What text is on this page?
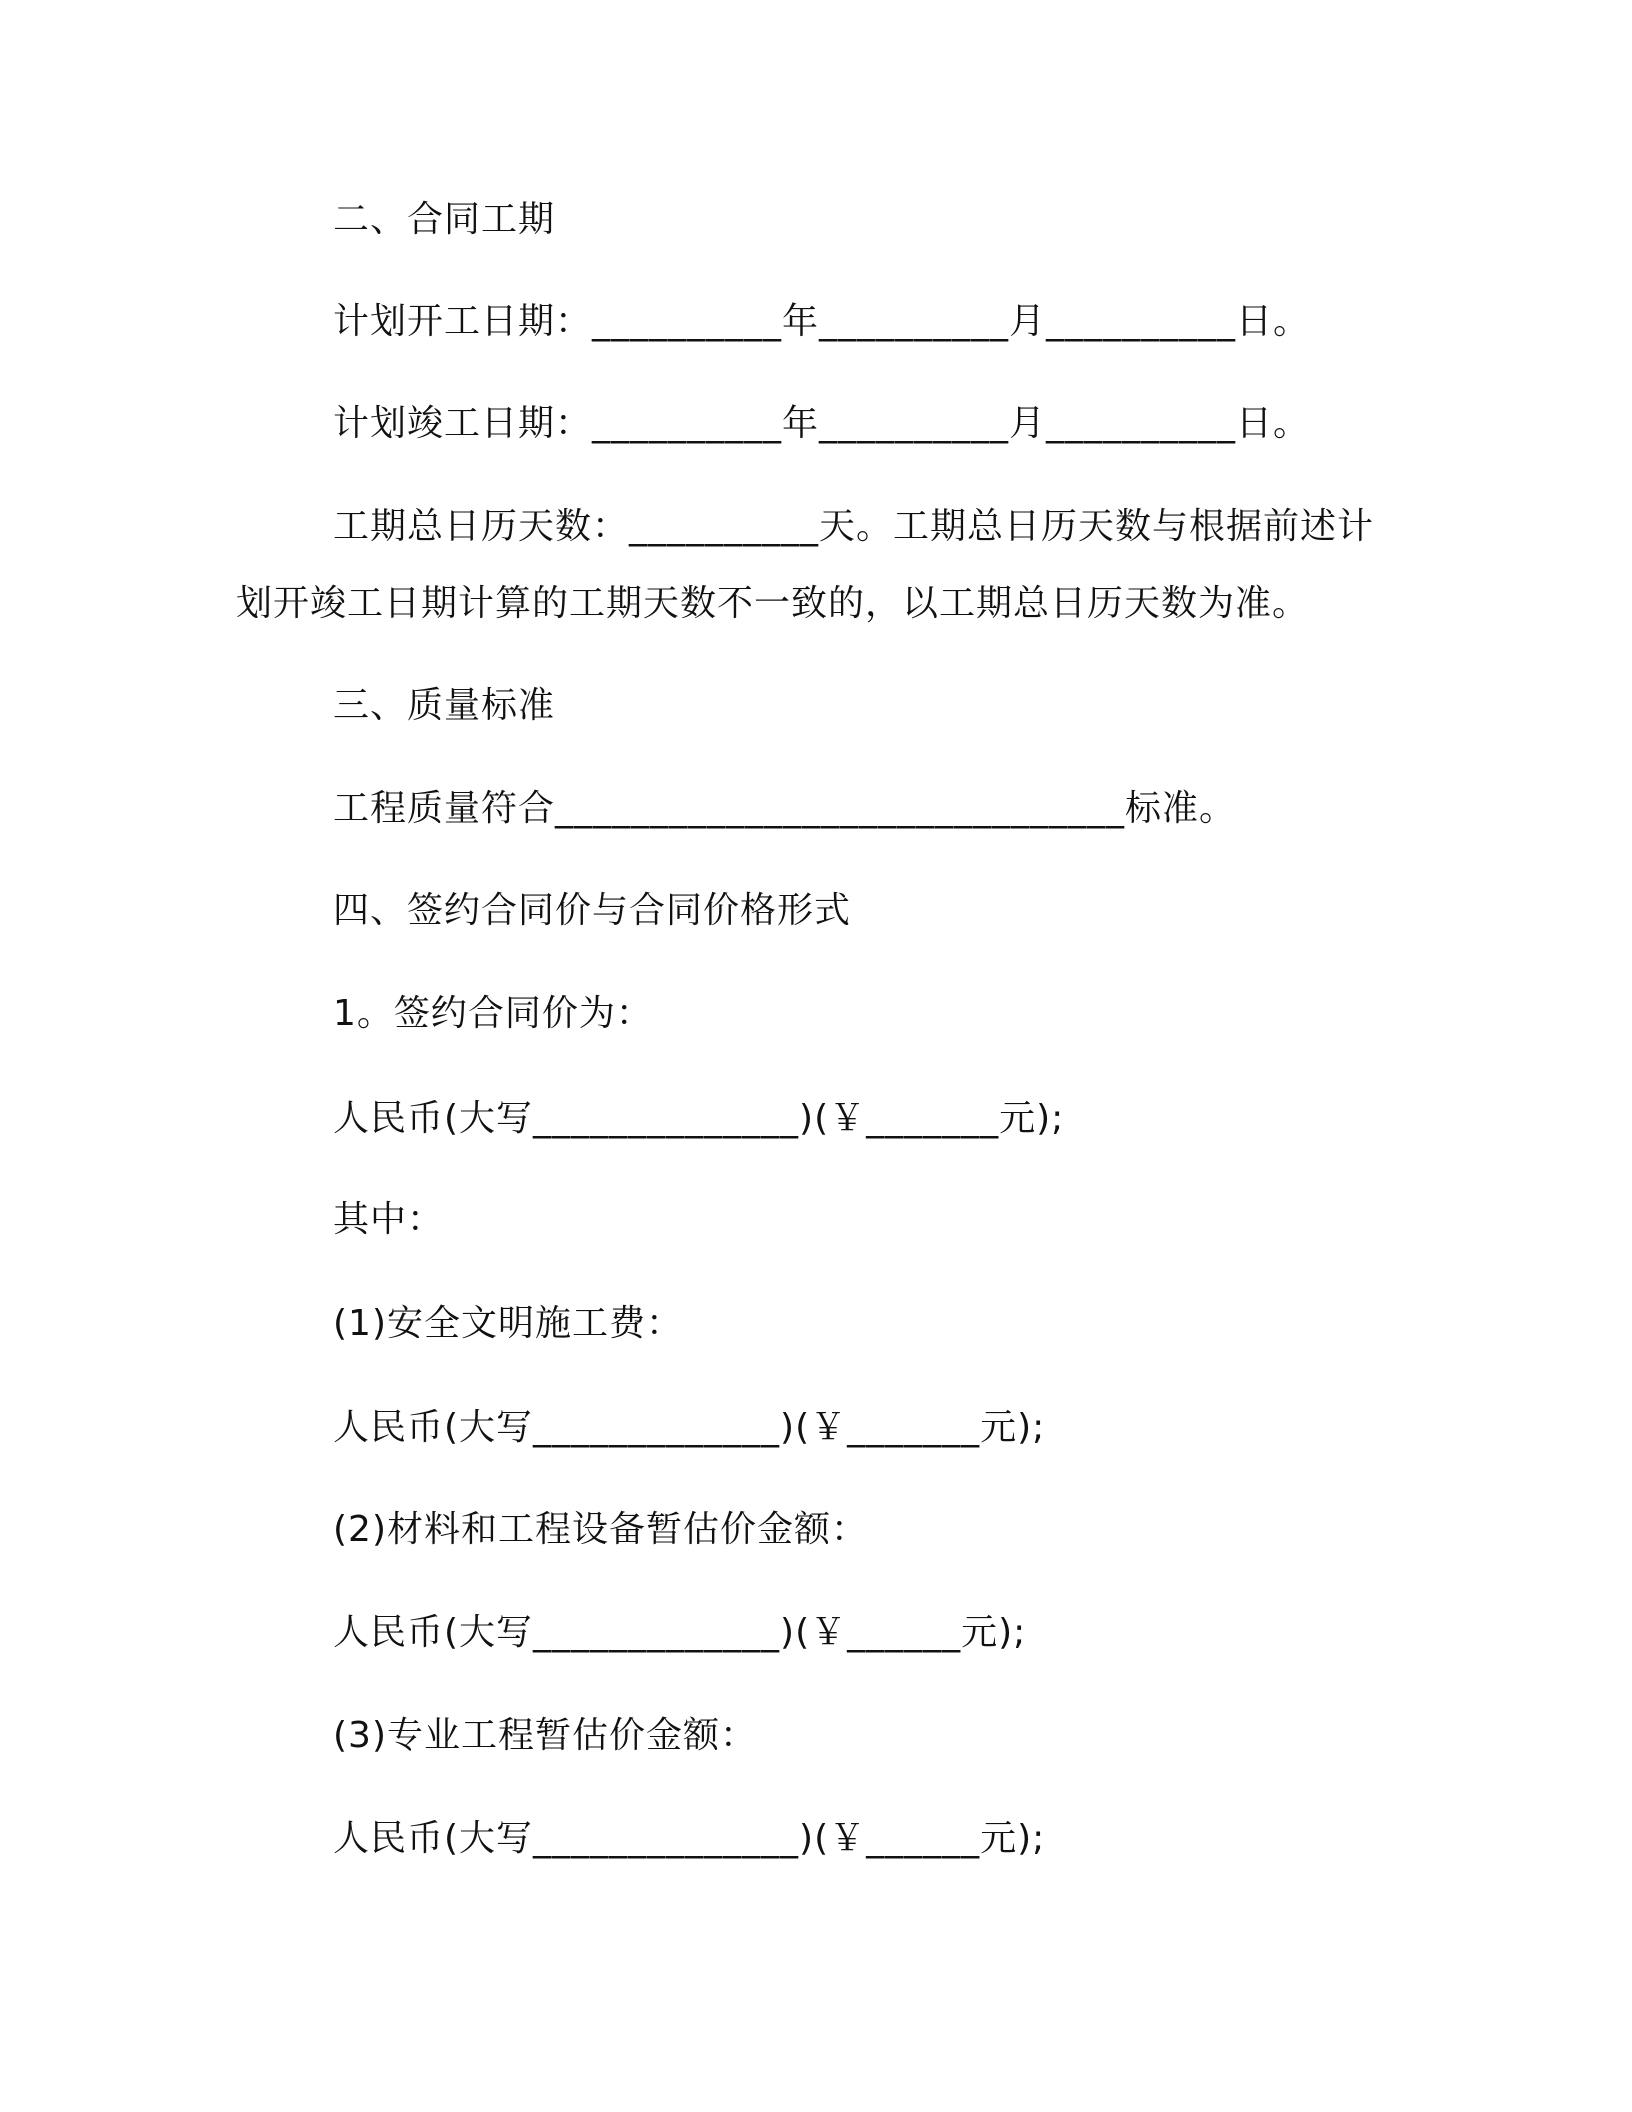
二、合同工期
计划开工日期：__________年__________月__________日。
计划竣工日期：__________年__________月__________日。
工期总日历天数：__________天。工期总日历天数与根据前述计
划开竣工日期计算的工期天数不一致的，以工期总日历天数为准。
三、质量标准
工程质量符合______________________________标准。
四、签约合同价与合同价格形式
1。签约合同价为：
人民币(大写______________)(￥_______元);
其中：
(1)安全文明施工费：
人民币(大写_____________)(￥_______元);
(2)材料和工程设备暂估价金额：
人民币(大写_____________)(￥______元);
(3)专业工程暂估价金额：
人民币(大写______________)(￥______元);
